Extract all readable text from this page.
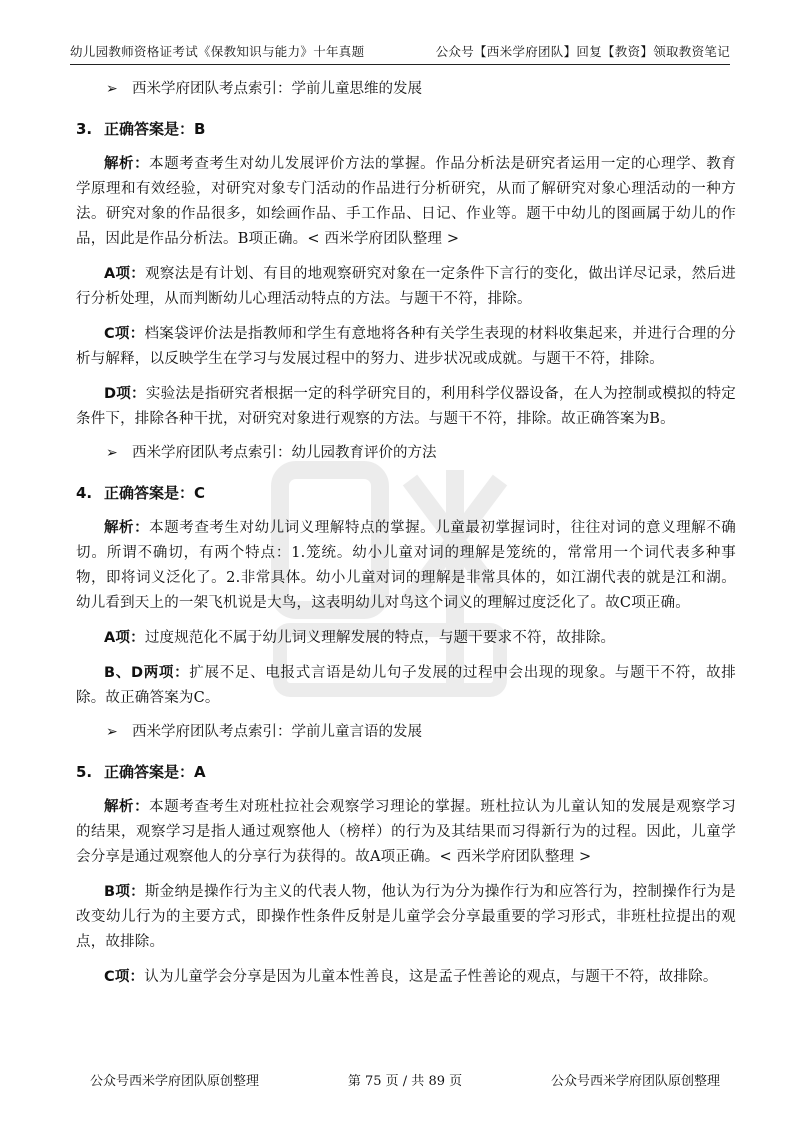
幼儿园教师资格证考试《保教知识与能力》十年真题	公众号【西米学府团队】回复【教资】领取教资笔记
➢ 西米学府团队考点索引：学前儿童思维的发展
3. 正确答案是：B

解析：本题考查考生对幼儿发展评价方法的掌握。作品分析法是研究者运用一定的心理学、教育学原理和有效经验，对研究对象专门活动的作品进行分析研究，从而了解研究对象心理活动的一种方法。研究对象的作品很多，如绘画作品、手工作品、日记、作业等。题干中幼儿的图画属于幼儿的作品，因此是作品分析法。B项正确。< 西米学府团队整理 >

A项：观察法是有计划、有目的地观察研究对象在一定条件下言行的变化，做出详尽记录，然后进行分析处理，从而判断幼儿心理活动特点的方法。与题干不符，排除。

C项：档案袋评价法是指教师和学生有意地将各种有关学生表现的材料收集起来，并进行合理的分析与解释，以反映学生在学习与发展过程中的努力、进步状况或成就。与题干不符，排除。

D项：实验法是指研究者根据一定的科学研究目的，利用科学仪器设备，在人为控制或模拟的特定条件下，排除各种干扰，对研究对象进行观察的方法。与题干不符，排除。故正确答案为B。

➢ 西米学府团队考点索引：幼儿园教育评价的方法
4. 正确答案是：C

解析：本题考查考生对幼儿词义理解特点的掌握。儿童最初掌握词时，往往对词的意义理解不确切。所谓不确切，有两个特点：1.笼统。幼小儿童对词的理解是笼统的，常常用一个词代表多种事物，即将词义泛化了。2.非常具体。幼小儿童对词的理解是非常具体的，如江湖代表的就是江和湖。幼儿看到天上的一架飞机说是大鸟，这表明幼儿对鸟这个词义的理解过度泛化了。故C项正确。

A项：过度规范化不属于幼儿词义理解发展的特点，与题干要求不符，故排除。

B、D两项：扩展不足、电报式言语是幼儿句子发展的过程中会出现的现象。与题干不符，故排除。故正确答案为C。

➢ 西米学府团队考点索引：学前儿童言语的发展
5. 正确答案是：A

解析：本题考查考生对班杜拉社会观察学习理论的掌握。班杜拉认为儿童认知的发展是观察学习的结果，观察学习是指人通过观察他人（榜样）的行为及其结果而习得新行为的过程。因此，儿童学会分享是通过观察他人的分享行为获得的。故A项正确。< 西米学府团队整理 >

B项：斯金纳是操作行为主义的代表人物，他认为行为分为操作行为和应答行为，控制操作行为是改变幼儿行为的主要方式，即操作性条件反射是儿童学会分享最重要的学习形式，非班杜拉提出的观点，故排除。

C项：认为儿童学会分享是因为儿童本性善良，这是孟子性善论的观点，与题干不符，故排除。

公众号西米学府团队原创整理	第 75 页 / 共 89 页	公众号西米学府团队原创整理
